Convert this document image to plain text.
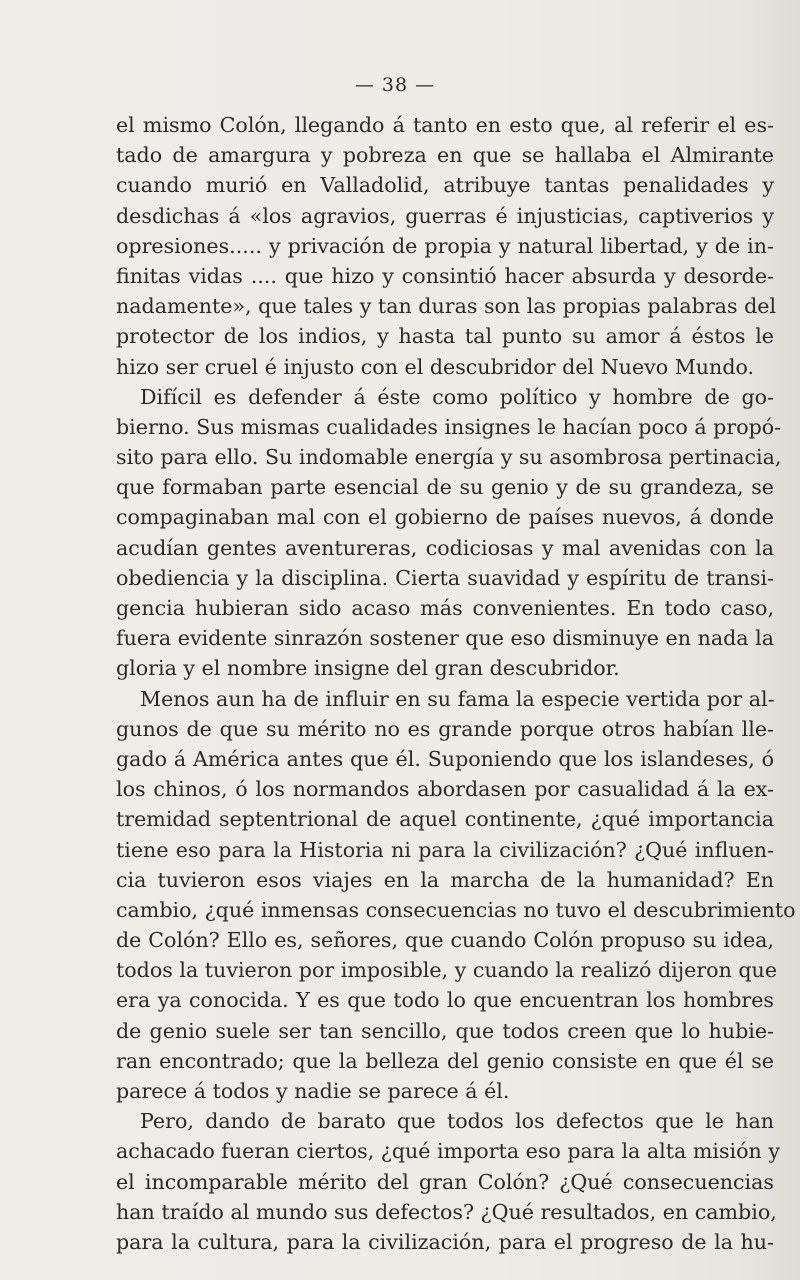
— 38 —
el mismo Colón, llegando á tanto en esto que, al referir el es-
tado de amargura y pobreza en que se hallaba el Almirante
cuando murió en Valladolid, atribuye tantas penalidades y
desdichas á «los agravios, guerras é injusticias, captiverios y
opresiones..... y privación de propia y natural libertad, y de in-
finitas vidas .... que hizo y consintió hacer absurda y desorde-
nadamente», que tales y tan duras son las propias palabras del
protector de los indios, y hasta tal punto su amor á éstos le
hizo ser cruel é injusto con el descubridor del Nuevo Mundo.
Difícil es defender á éste como político y hombre de go-
bierno. Sus mismas cualidades insignes le hacían poco á propó-
sito para ello. Su indomable energía y su asombrosa pertinacia,
que formaban parte esencial de su genio y de su grandeza, se
compaginaban mal con el gobierno de países nuevos, á donde
acudían gentes aventureras, codiciosas y mal avenidas con la
obediencia y la disciplina. Cierta suavidad y espíritu de transi-
gencia hubieran sido acaso más convenientes. En todo caso,
fuera evidente sinrazón sostener que eso disminuye en nada la
gloria y el nombre insigne del gran descubridor.
Menos aun ha de influir en su fama la especie vertida por al-
gunos de que su mérito no es grande porque otros habían lle-
gado á América antes que él. Suponiendo que los islandeses, ó
los chinos, ó los normandos abordasen por casualidad á la ex-
tremidad septentrional de aquel continente, ¿qué importancia
tiene eso para la Historia ni para la civilización? ¿Qué influen-
cia tuvieron esos viajes en la marcha de la humanidad? En
cambio, ¿qué inmensas consecuencias no tuvo el descubrimiento
de Colón? Ello es, señores, que cuando Colón propuso su idea,
todos la tuvieron por imposible, y cuando la realizó dijeron que
era ya conocida. Y es que todo lo que encuentran los hombres
de genio suele ser tan sencillo, que todos creen que lo hubie-
ran encontrado; que la belleza del genio consiste en que él se
parece á todos y nadie se parece á él.
Pero, dando de barato que todos los defectos que le han
achacado fueran ciertos, ¿qué importa eso para la alta misión y
el incomparable mérito del gran Colón? ¿Qué consecuencias
han traído al mundo sus defectos? ¿Qué resultados, en cambio,
para la cultura, para la civilización, para el progreso de la hu-
